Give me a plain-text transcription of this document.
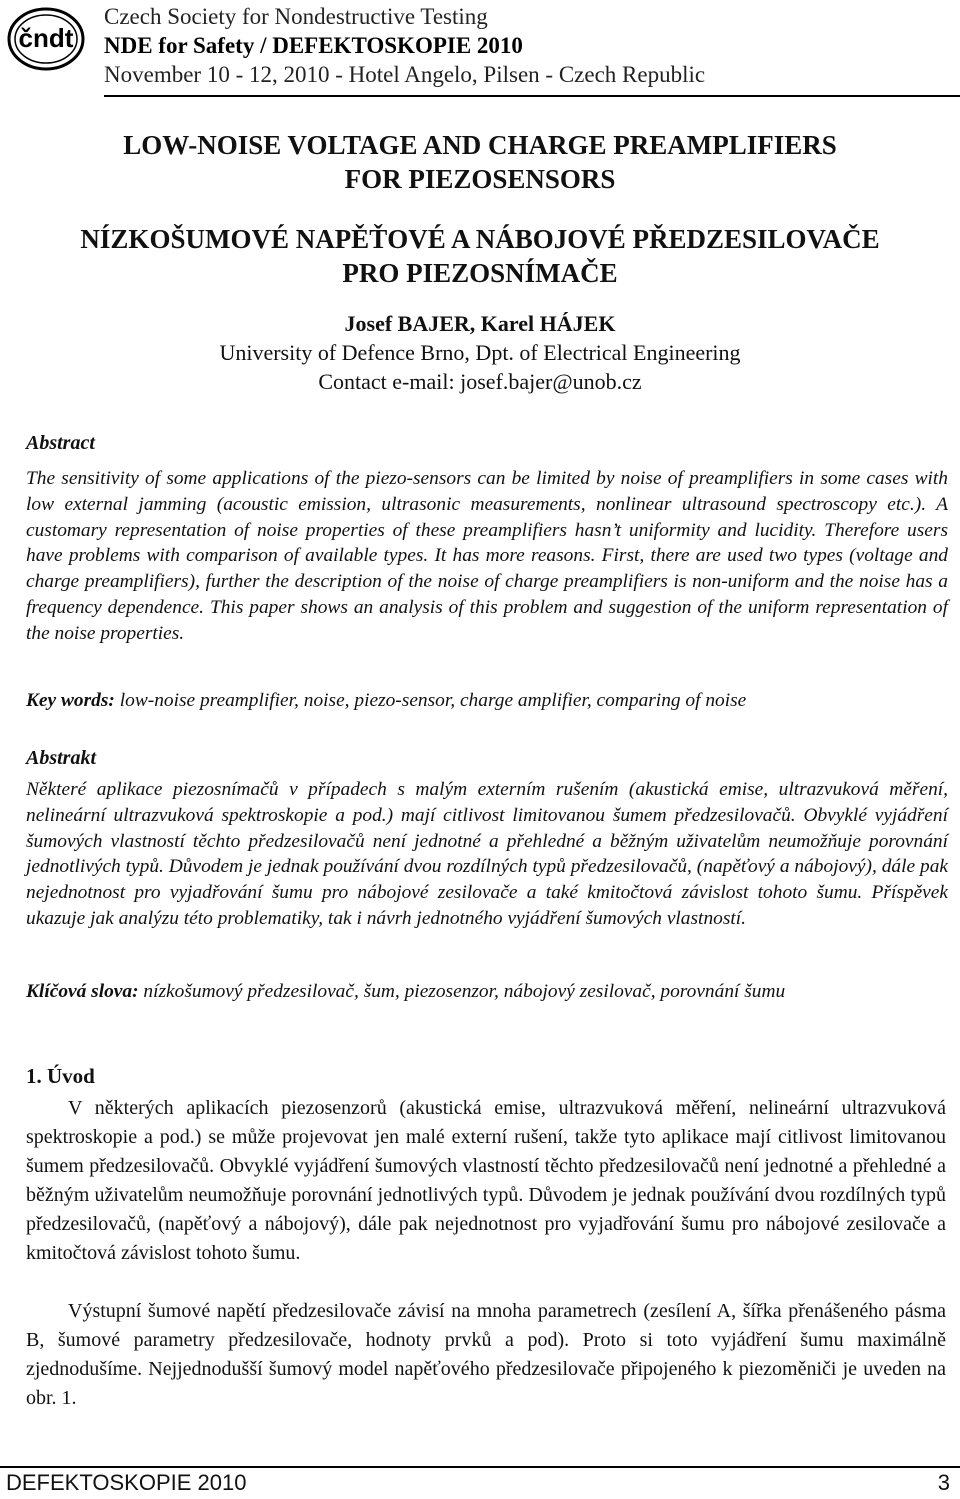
čndt
Czech Society for Nondestructive Testing
NDE for Safety / DEFEKTOSKOPIE 2010
November 10 - 12, 2010 - Hotel Angelo, Pilsen - Czech Republic
LOW-NOISE VOLTAGE AND CHARGE PREAMPLIFIERS
FOR PIEZOSENSORS
NÍZKOŠUMOVÉ NAPĚŤOVÉ A NÁBOJOVÉ PŘEDZESILOVAČE
PRO PIEZOSNÍMAČE
Josef BAJER, Karel HÁJEK
University of Defence Brno, Dpt. of Electrical Engineering
Contact e-mail: josef.bajer@unob.cz
Abstract

The sensitivity of some applications of the piezo-sensors can be limited by noise of preamplifiers in some cases with low external jamming (acoustic emission, ultrasonic measurements, nonlinear ultrasound spectroscopy etc.). A customary representation of noise properties of these preamplifiers hasn’t uniformity and lucidity. Therefore users have problems with comparison of available types. It has more reasons. First, there are used two types (voltage and charge preamplifiers), further the description of the noise of charge preamplifiers is non-uniform and the noise has a frequency dependence. This paper shows an analysis of this problem and suggestion of the uniform representation of the noise properties.

Key words: low-noise preamplifier, noise, piezo-sensor, charge amplifier, comparing of noise
Abstrakt

Některé aplikace piezosnímačů v případech s malým externím rušením (akustická emise, ultrazvuková měření, nelineární ultrazvuková spektroskopie a pod.) mají citlivost limitovanou šumem předzesilovačů. Obvyklé vyjádření šumových vlastností těchto předzesilovačů není jednotné a přehledné a běžným uživatelům neumožňuje porovnání jednotlivých typů. Důvodem je jednak používání dvou rozdílných typů předzesilovačů, (napěťový a nábojový), dále pak nejednotnost pro vyjadřování šumu pro nábojové zesilovače a také kmitočtová závislost tohoto šumu. Příspěvek ukazuje jak analýzu této problematiky, tak i návrh jednotného vyjádření šumových vlastností.

Klíčová slova: nízkošumový předzesilovač, šum, piezosenzor, nábojový zesilovač, porovnání šumu
1. Úvod

V některých aplikacích piezosenzorů (akustická emise, ultrazvuková měření, nelineární ultrazvuková spektroskopie a pod.) se může projevovat jen malé externí rušení, takže tyto aplikace mají citlivost limitovanou šumem předzesilovačů. Obvyklé vyjádření šumových vlastností těchto předzesilovačů není jednotné a přehledné a běžným uživatelům neumožňuje porovnání jednotlivých typů. Důvodem je jednak používání dvou rozdílných typů předzesilovačů, (napěťový a nábojový), dále pak nejednotnost pro vyjadřování šumu pro nábojové zesilovače a kmitočtová závislost tohoto šumu.

Výstupní šumové napětí předzesilovače závisí na mnoha parametrech (zesílení A, šířka přenášeného pásma B, šumové parametry předzesilovače, hodnoty prvků a pod). Proto si toto vyjádření šumu maximálně zjednodušíme. Nejjednodušší šumový model napěťového předzesilovače připojeného k piezoměniči je uveden na obr. 1.

DEFEKTOSKOPIE 2010	3
